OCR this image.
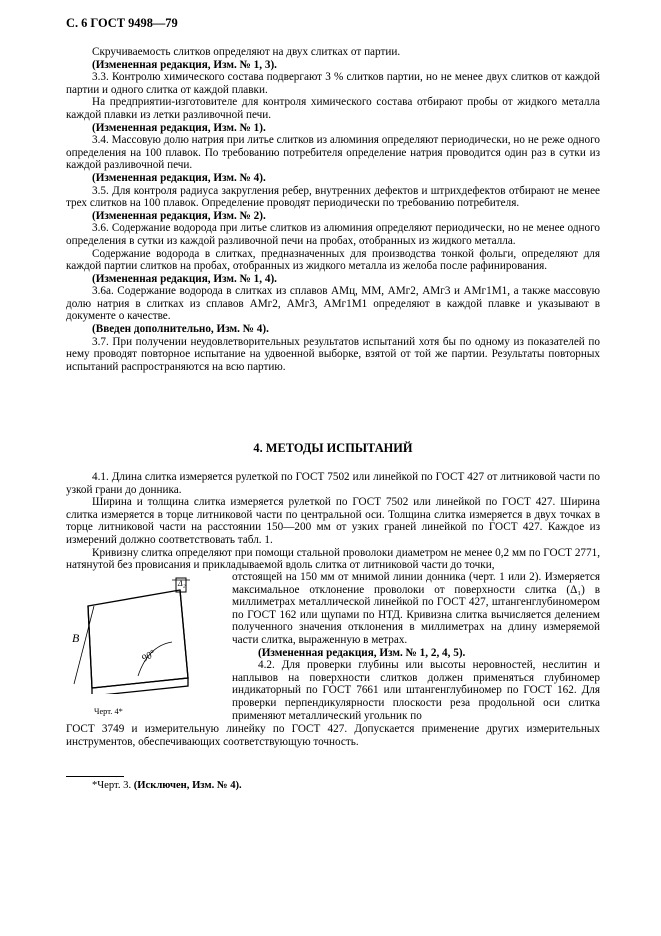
С. 6 ГОСТ 9498—79

Скручиваемость слитков определяют на двух слитках от партии.

(Измененная редакция, Изм. № 1, 3).

3.3. Контролю химического состава подвергают 3 % слитков партии, но не менее двух слитков от каждой партии и одного слитка от каждой плавки.

На предприятии-изготовителе для контроля химического состава отбирают пробы от жидкого металла каждой плавки из летки разливочной печи.

(Измененная редакция, Изм. № 1).

3.4. Массовую долю натрия при литье слитков из алюминия определяют периодически, но не реже одного определения на 100 плавок. По требованию потребителя определение натрия проводится один раз в сутки из каждой разливочной печи.

(Измененная редакция, Изм. № 4).

3.5. Для контроля радиуса закругления ребер, внутренних дефектов и штрихдефектов отбирают не менее трех слитков на 100 плавок. Определение проводят периодически по требованию потребителя.

(Измененная редакция, Изм. № 2).

3.6. Содержание водорода при литье слитков из алюминия определяют периодически, но не менее одного определения в сутки из каждой разливочной печи на пробах, отобранных из жидкого металла.

Содержание водорода в слитках, предназначенных для производства тонкой фольги, определяют для каждой партии слитков на пробах, отобранных из жидкого металла из желоба после рафинирования.

(Измененная редакция, Изм. № 1, 4).

3.6а. Содержание водорода в слитках из сплавов АМц, ММ, АМг2, АМг3 и АМг1М1, а также массовую долю натрия в слитках из сплавов АМг2, АМг3, АМг1М1 определяют в каждой плавке и указывают в документе о качестве.

(Введен дополнительно, Изм. № 4).

3.7. При получении неудовлетворительных результатов испытаний хотя бы по одному из показателей по нему проводят повторное испытание на удвоенной выборке, взятой от той же партии. Результаты повторных испытаний распространяются на всю партию.

4. МЕТОДЫ ИСПЫТАНИЙ

4.1. Длина слитка измеряется рулеткой по ГОСТ 7502 или линейкой по ГОСТ 427 от литниковой части по узкой грани до донника.

Ширина и толщина слитка измеряется рулеткой по ГОСТ 7502 или линейкой по ГОСТ 427. Ширина слитка измеряется в торце литниковой части по центральной оси. Толщина слитка измеряется в двух точках в торце литниковой части на расстоянии 150—200 мм от узких граней линейкой по ГОСТ 427. Каждое из измерений должно соответствовать табл. 1.

Кривизну слитка определяют при помощи стальной проволоки диаметром не менее 0,2 мм по ГОСТ 2771, натянутой без провисания и прикладываемой вдоль слитка от литниковой части до точки,

Δ₂
В
90°
Черт. 4*

отстоящей на 150 мм от мнимой линии донника (черт. 1 или 2). Измеряется максимальное отклонение проволоки от поверхности слитка (Δ₁) в миллиметрах металлической линейкой по ГОСТ 427, штангенглубиномером по ГОСТ 162 или щупами по НТД. Кривизна слитка вычисляется делением полученного значения отклонения в миллиметрах на длину измеряемой части слитка, выраженную в метрах.

(Измененная редакция, Изм. № 1, 2, 4, 5).

4.2. Для проверки глубины или высоты неровностей, неслитин и наплывов на поверхности слитков должен применяться глубиномер индикаторный по ГОСТ 7661 или штангенглубиномер по ГОСТ 162. Для проверки перпендикулярности плоскости реза продольной оси слитка применяют металлический угольник по

ГОСТ 3749 и измерительную линейку по ГОСТ 427. Допускается применение других измерительных инструментов, обеспечивающих соответствующую точность.

*Черт. 3. (Исключен, Изм. № 4).
